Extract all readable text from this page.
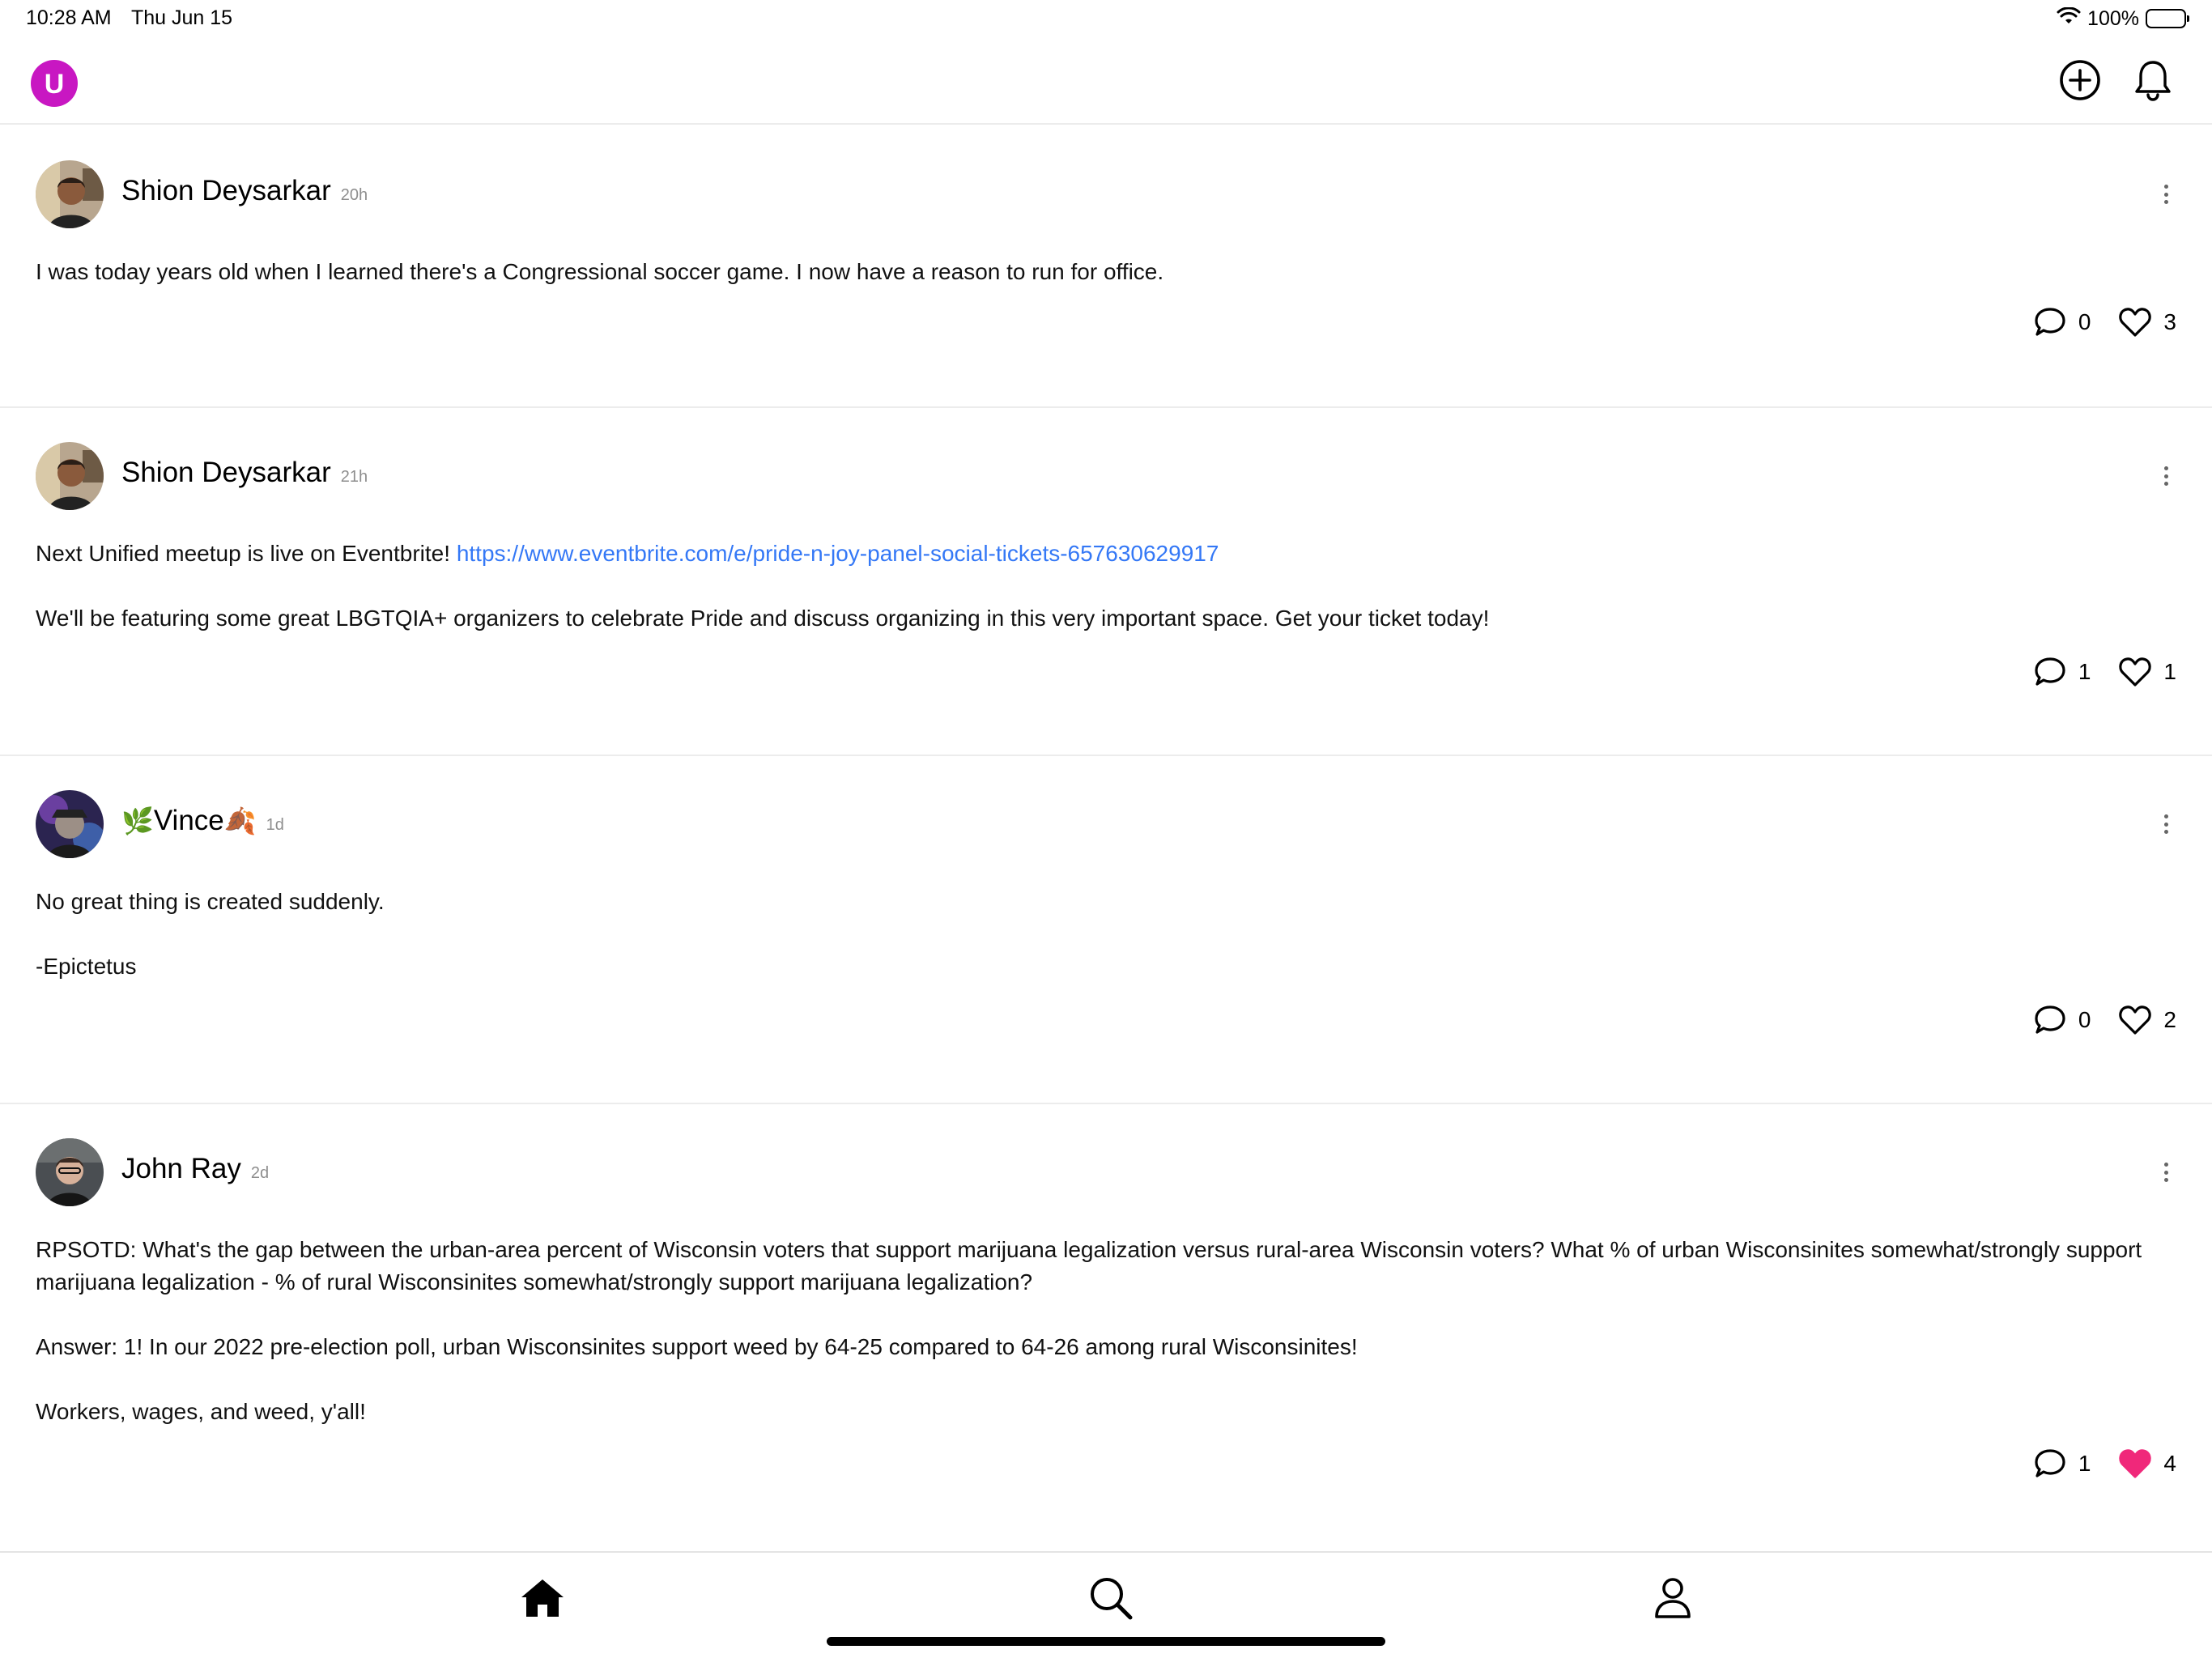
10:28 AM Thu Jun 15	100%
U
Shion Deysarkar 20h

I was today years old when I learned there's a Congressional soccer game. I now have a reason to run for office.

0	3
Shion Deysarkar 21h

Next Unified meetup is live on Eventbrite! https://www.eventbrite.com/e/pride-n-joy-panel-social-tickets-657630629917

We'll be featuring some great LBGTQIA+ organizers to celebrate Pride and discuss organizing in this very important space. Get your ticket today!

1	1
🌿Vince🍂 1d

No great thing is created suddenly.

-Epictetus

0	2
John Ray 2d

RPSOTD: What's the gap between the urban-area percent of Wisconsin voters that support marijuana legalization versus rural-area Wisconsin voters? What % of urban Wisconsinites somewhat/strongly support marijuana legalization - % of rural Wisconsinites somewhat/strongly support marijuana legalization?

Answer: 1! In our 2022 pre-election poll, urban Wisconsinites support weed by 64-25 compared to 64-26 among rural Wisconsinites!

Workers, wages, and weed, y'all!

1	4
